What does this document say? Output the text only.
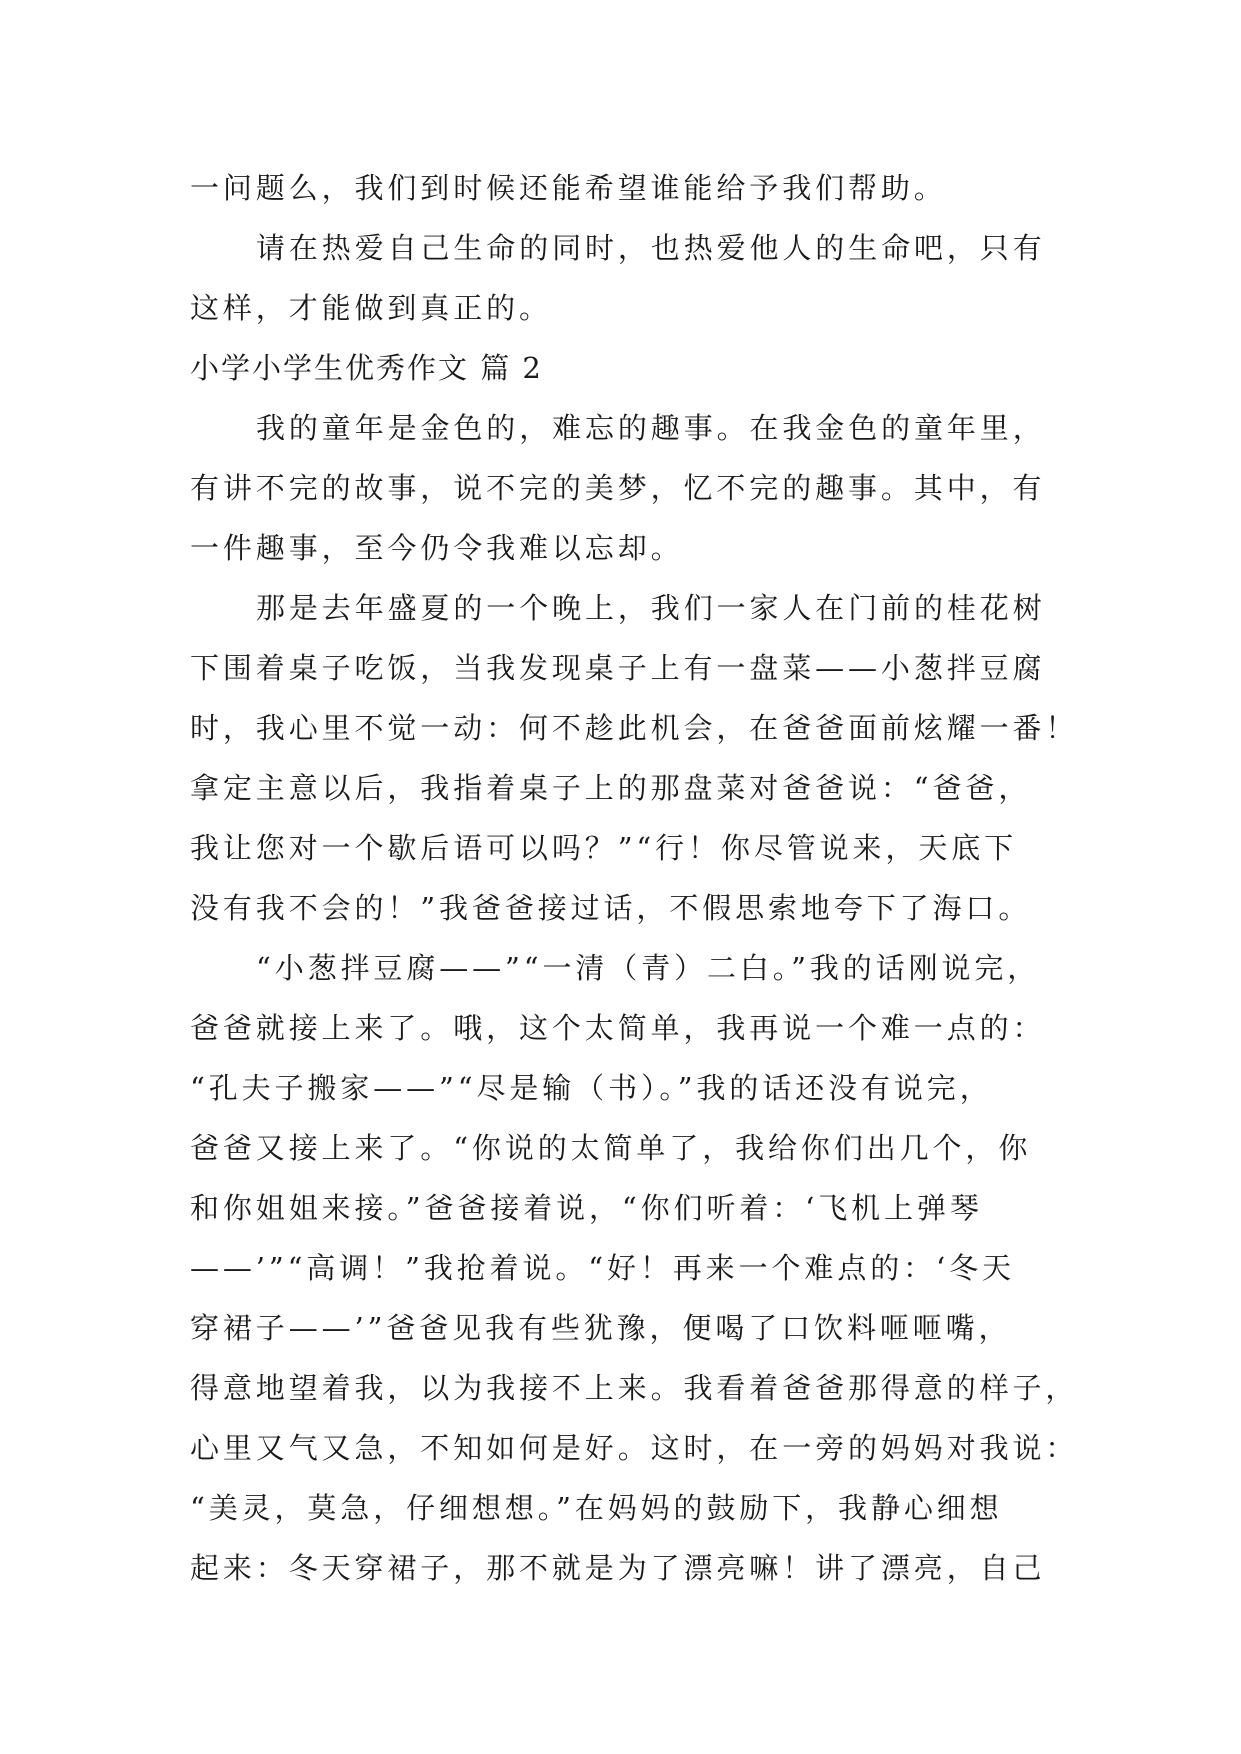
一问题么，我们到时候还能希望谁能给予我们帮助。
请在热爱自己生命的同时，也热爱他人的生命吧，只有
这样，才能做到真正的。
小学小学生优秀作文 篇 2
我的童年是金色的，难忘的趣事。在我金色的童年里，
有讲不完的故事，说不完的美梦，忆不完的趣事。其中，有
一件趣事，至今仍令我难以忘却。
那是去年盛夏的一个晚上，我们一家人在门前的桂花树
下围着桌子吃饭，当我发现桌子上有一盘菜——小葱拌豆腐
时，我心里不觉一动：何不趁此机会，在爸爸面前炫耀一番！
拿定主意以后，我指着桌子上的那盘菜对爸爸说：“爸爸，
我让您对一个歇后语可以吗？”“行！你尽管说来，天底下
没有我不会的！”我爸爸接过话，不假思索地夸下了海口。
“小葱拌豆腐——”“一清（青）二白。”我的话刚说完，
爸爸就接上来了。哦，这个太简单，我再说一个难一点的：
“孔夫子搬家——”“尽是输（书）。”我的话还没有说完，
爸爸又接上来了。“你说的太简单了，我给你们出几个，你
和你姐姐来接。”爸爸接着说，“你们听着：‘飞机上弹琴
——’”“高调！”我抢着说。“好！再来一个难点的：‘冬天
穿裙子——’”爸爸见我有些犹豫，便喝了口饮料咂咂嘴，
得意地望着我，以为我接不上来。我看着爸爸那得意的样子，
心里又气又急，不知如何是好。这时，在一旁的妈妈对我说：
“美灵，莫急，仔细想想。”在妈妈的鼓励下，我静心细想
起来：冬天穿裙子，那不就是为了漂亮嘛！讲了漂亮，自己
